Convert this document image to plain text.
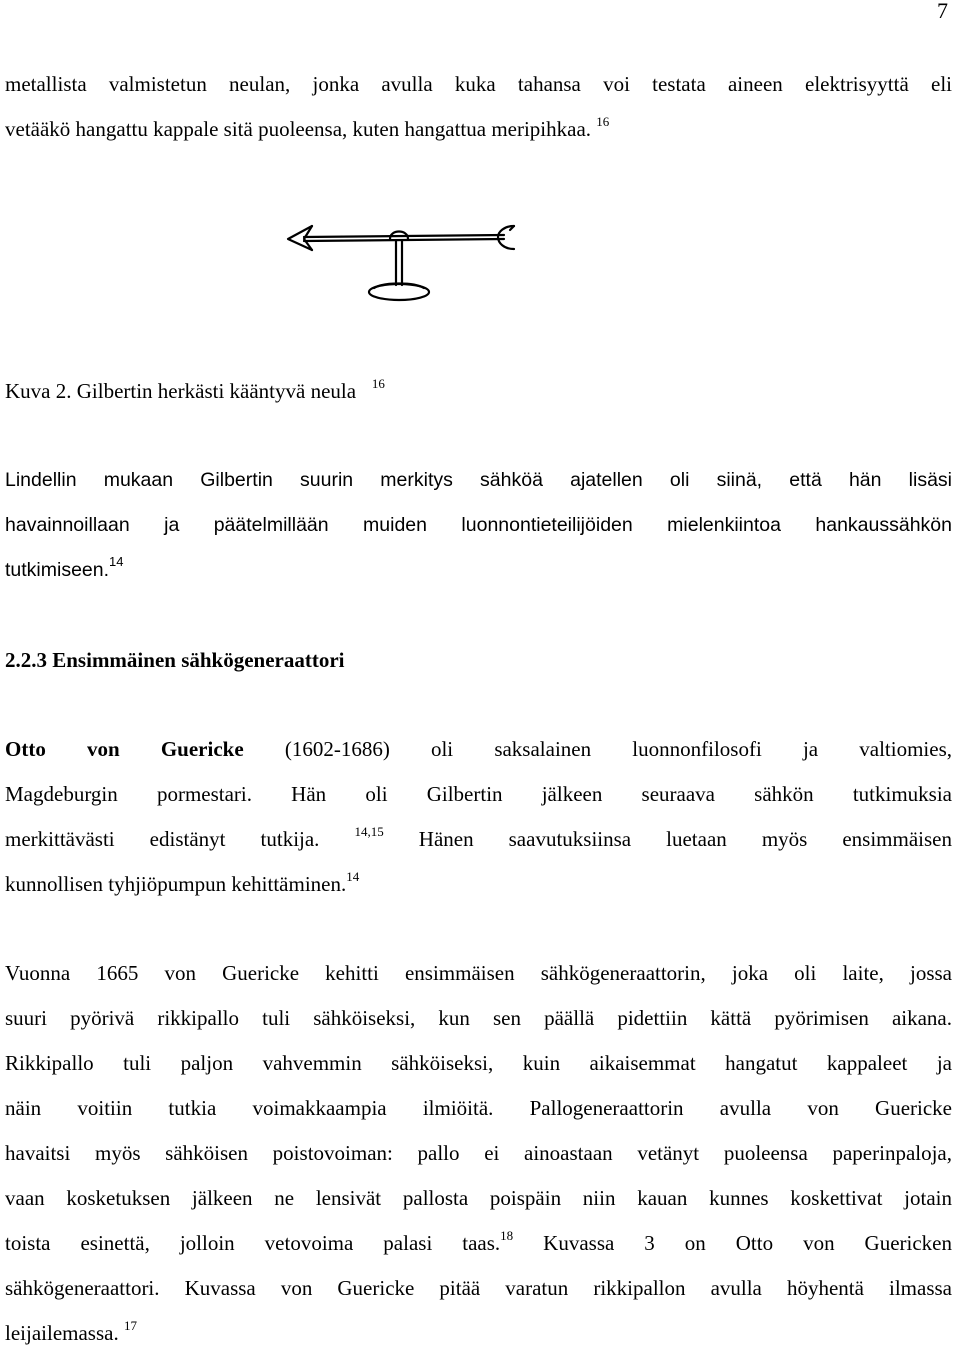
7
metallista valmistetun neulan, jonka avulla kuka tahansa voi testata aineen elektrisyyttä eli
vetääkö hangattu kappale sitä puoleensa, kuten hangattua meripihkaa. $^{16}$
Kuva 2. Gilbertin herkästi kääntyvä neula $^{16}$
Lindellin mukaan Gilbertin suurin merkitys sähköä ajatellen oli siinä, että hän lisäsi
havainnoillaan ja päätelmillään muiden luonnontieteilijöiden mielenkiintoa hankaussähkön
tutkimiseen.$^{14}$
2.2.3 Ensimmäinen sähkögeneraattori
Otto von Guericke (1602-1686) oli saksalainen luonnonfilosofi ja valtiomies,
Magdeburgin pormestari. Hän oli Gilbertin jälkeen seuraava sähkön tutkimuksia
merkittävästi edistänyt tutkija.	$^{14,15}$ Hänen saavutuksiinsa luetaan myös ensimmäisen
kunnollisen tyhjiöpumpun kehittäminen.$^{14}$
Vuonna 1665 von Guericke kehitti ensimmäisen sähkögeneraattorin, joka oli laite, jossa
suuri pyörivä rikkipallo tuli sähköiseksi, kun sen päällä pidettiin kättä pyörimisen aikana.
Rikkipallo tuli paljon vahvemmin sähköiseksi, kuin aikaisemmat hangatut kappaleet ja
näin voitiin tutkia voimakkaampia ilmiöitä. Pallogeneraattorin avulla von Guericke
havaitsi myös sähköisen poistovoiman: pallo ei ainoastaan vetänyt puoleensa paperinpaloja,
vaan kosketuksen jälkeen ne lensivät pallosta poispäin niin kauan kunnes koskettivat jotain
toista esinettä, jolloin vetovoima palasi taas.$^{18}$ Kuvassa 3 on Otto von Guericken
sähkögeneraattori. Kuvassa von Guericke pitää varatun rikkipallon avulla höyhentä ilmassa
leijailemassa. $^{17}$
